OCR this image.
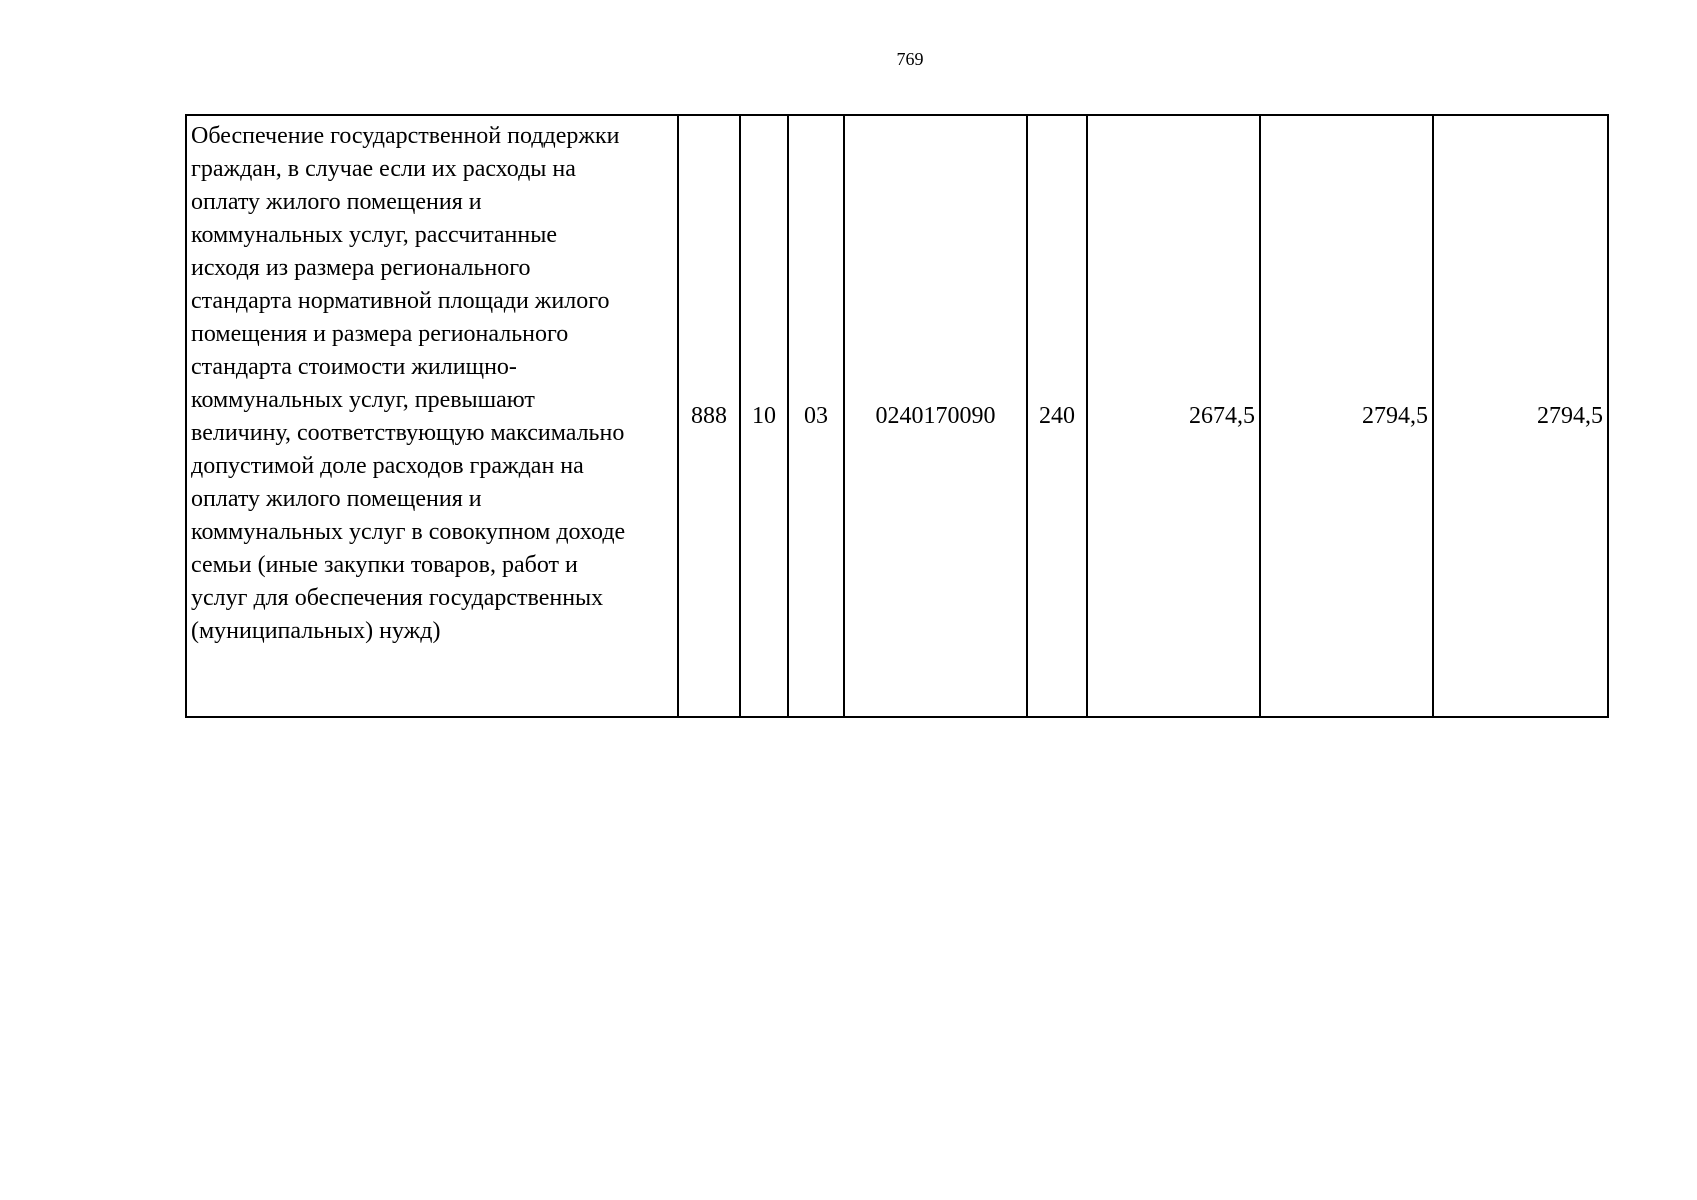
769
Обеспечение государственной поддержки
граждан, в случае если их расходы на
оплату жилого помещения и
коммунальных услуг, рассчитанные
исходя из размера регионального
стандарта нормативной площади жилого
помещения и размера регионального
стандарта стоимости жилищно-
коммунальных услуг, превышают
величину, соответствующую максимально
допустимой доле расходов граждан на
оплату жилого помещения и
коммунальных услуг в совокупном доходе
семьи (иные закупки товаров, работ и
услуг для обеспечения государственных
(муниципальных) нужд)
	888	10	03	0240170090	240	2674,5	2794,5	2794,5
